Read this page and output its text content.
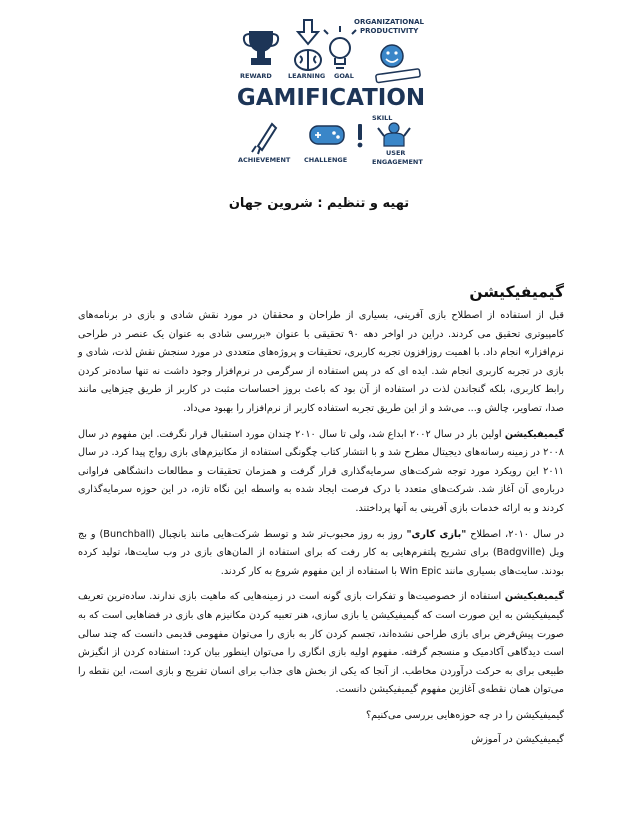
ORGANIZATIONAL
PRODUCTIVITY
REWARD LEARNING GOAL
GAMIFICATION
SKILL
ACHIEVEMENT CHALLENGE
USER
ENGAGEMENT
تهیه و تنظیم : شروین جهان
گیمیفیکیشن

قبل از استفاده از اصطلاح بازی آفرینی، بسیاری از طراحان و محققان در مورد نقش شادی و بازی در برنامه‌های کامپیوتری تحقیق می کردند. دراین در اواخر دهه ۹۰ تحقیقی با عنوان «بررسی شادی به عنوان یک عنصر در طراحی نرم‌افزار» انجام داد. با اهمیت روزافزون تجربه کاربری، تحقیقات و پروژه‌های متعددی در مورد سنجش نقش لذت، شادی و بازی در تجربه کاربری انجام شد. ایده ای که در پس استفاده از سرگرمی در نرم‌افزار وجود داشت نه تنها ساده‌تر کردن رابط کاربری، بلکه گنجاندن لذت در استفاده از آن بود که باعث بروز احساسات مثبت در کاربر از طریق چیزهایی مانند صدا، تصاویر، چالش و... می‌شد و از این طریق تجربه استفاده کاربر از نرم‌افزار را بهبود می‌داد.

گیمیفیکیشن اولین بار در سال ۲۰۰۲ ابداع شد، ولی تا سال ۲۰۱۰ چندان مورد استقبال قرار نگرفت. این مفهوم در سال ۲۰۰۸ در زمینه رسانه‌های دیجیتال مطرح شد و با انتشار کتاب چگونگی استفاده از مکانیزم‌های بازی رواج پیدا کرد. در سال ۲۰۱۱ این رویکرد مورد توجه شرکت‌های سرمایه‌گذاری قرار گرفت و همزمان تحقیقات و مطالعات دانشگاهی فراوانی درباره‌ی آن آغاز شد. شرکت‌های متعدد با درک فرصت ایجاد شده به واسطه این نگاه تازه، در این حوزه سرمایه‌گذاری کردند و به ارائه خدمات بازی آفرینی به آنها پرداختند.

در سال ۲۰۱۰، اصطلاح "بازی کاری" روز به روز محبوب‌تر شد و توسط شرکت‌هایی مانند بانچبال (Bunchball) و بج ویل (Badgville) برای تشریح پلتفرم‌هایی به کار رفت که برای استفاده از المان‌های بازی در وب سایت‌ها، تولید کرده بودند. سایت‌های بسیاری مانند Win Epic با استفاده از این مفهوم شروع به کار کردند.

گیمیفیکیشن استفاده از خصوصیت‌ها و تفکرات بازی گونه است در زمینه‌هایی که ماهیت بازی ندارند. ساده‌ترین تعریف گیمیفیکیشن به این صورت است که گیمیفیکیشن یا بازی سازی، هنر تعبیه کردن مکانیزم های بازی در فضاهایی است که به صورت پیش‌فرض برای بازی طراحی نشده‌اند، تجسم کردن کار به بازی را می‌توان مفهومی قدیمی دانست که چند سالی است دیدگاهی آکادمیک و منسجم گرفته. مفهوم اولیه بازی انگاری را می‌توان اینطور بیان کرد: استفاده کردن از انگیزش طبیعی برای به حرکت درآوردن مخاطب. از آنجا که یکی از بخش های جذاب برای انسان تفریح و بازی است، این نقطه را می‌توان همان نقطه‌ی آغازین مفهوم گیمیفیکیشن دانست.

گیمیفیکیشن را در چه حوزه‌هایی بررسی می‌کنیم؟

گیمیفیکیشن در آموزش
